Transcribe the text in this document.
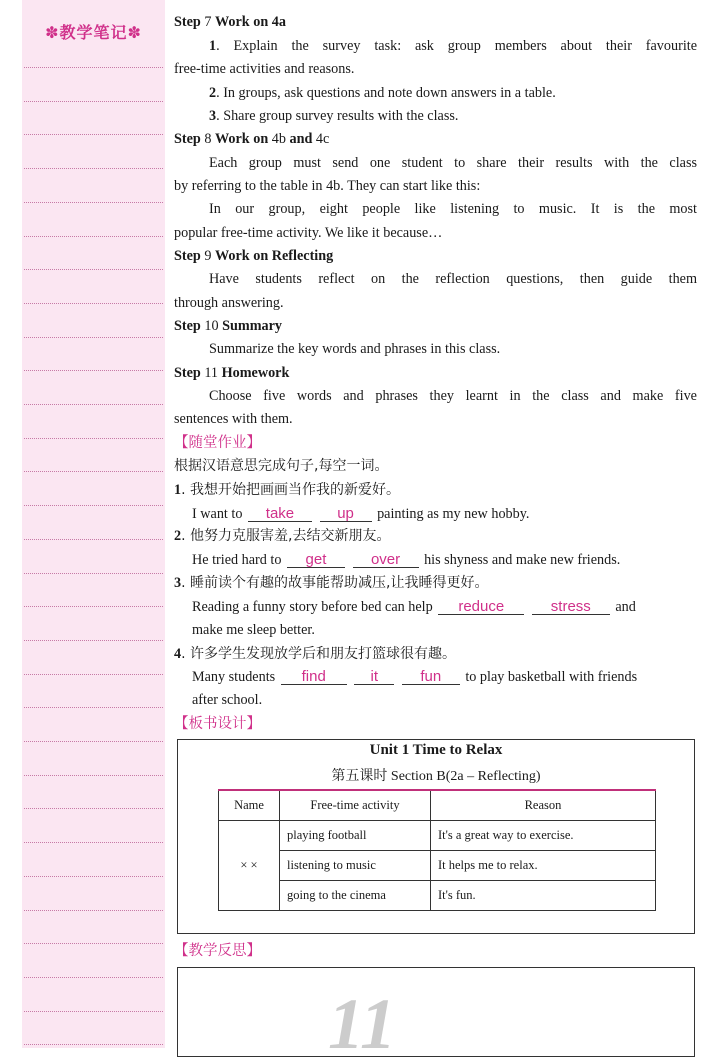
✽教学笔记✽
Step 7 Work on 4a
1. Explain the survey task: ask group members about their favourite
free-time activities and reasons.
2. In groups, ask questions and note down answers in a table.
3. Share group survey results with the class.
Step 8 Work on 4b and 4c
Each group must send one student to share their results with the class
by referring to the table in 4b. They can start like this:
In our group, eight people like listening to music. It is the most
popular free-time activity. We like it because…
Step 9 Work on Reflecting
Have students reflect on the reflection questions, then guide them
through answering.
Step 10 Summary
Summarize the key words and phrases in this class.
Step 11 Homework
Choose five words and phrases they learnt in the class and make five
sentences with them.
【随堂作业】
根据汉语意思完成句子,每空一词。
1. 我想开始把画画当作我的新爱好。
I want to take	up painting as my new hobby.
2. 他努力克服害羞,去结交新朋友。
He tried hard to get	over his shyness and make new friends.
3. 睡前读个有趣的故事能帮助减压,让我睡得更好。
Reading a funny story before bed can help reduce	stress and
make me sleep better.
4. 许多学生发现放学后和朋友打篮球很有趣。
Many students find	it	fun to play basketball with friends
after school.
【板书设计】
【教学反思】
Unit 1 Time to Relax
第五课时 Section B(2a – Reflecting)
Name	Free-time activity	Reason
× ×	playing football	It's a great way to exercise.
	listening to music	It helps me to relax.
	going to the cinema	It's fun.
11
